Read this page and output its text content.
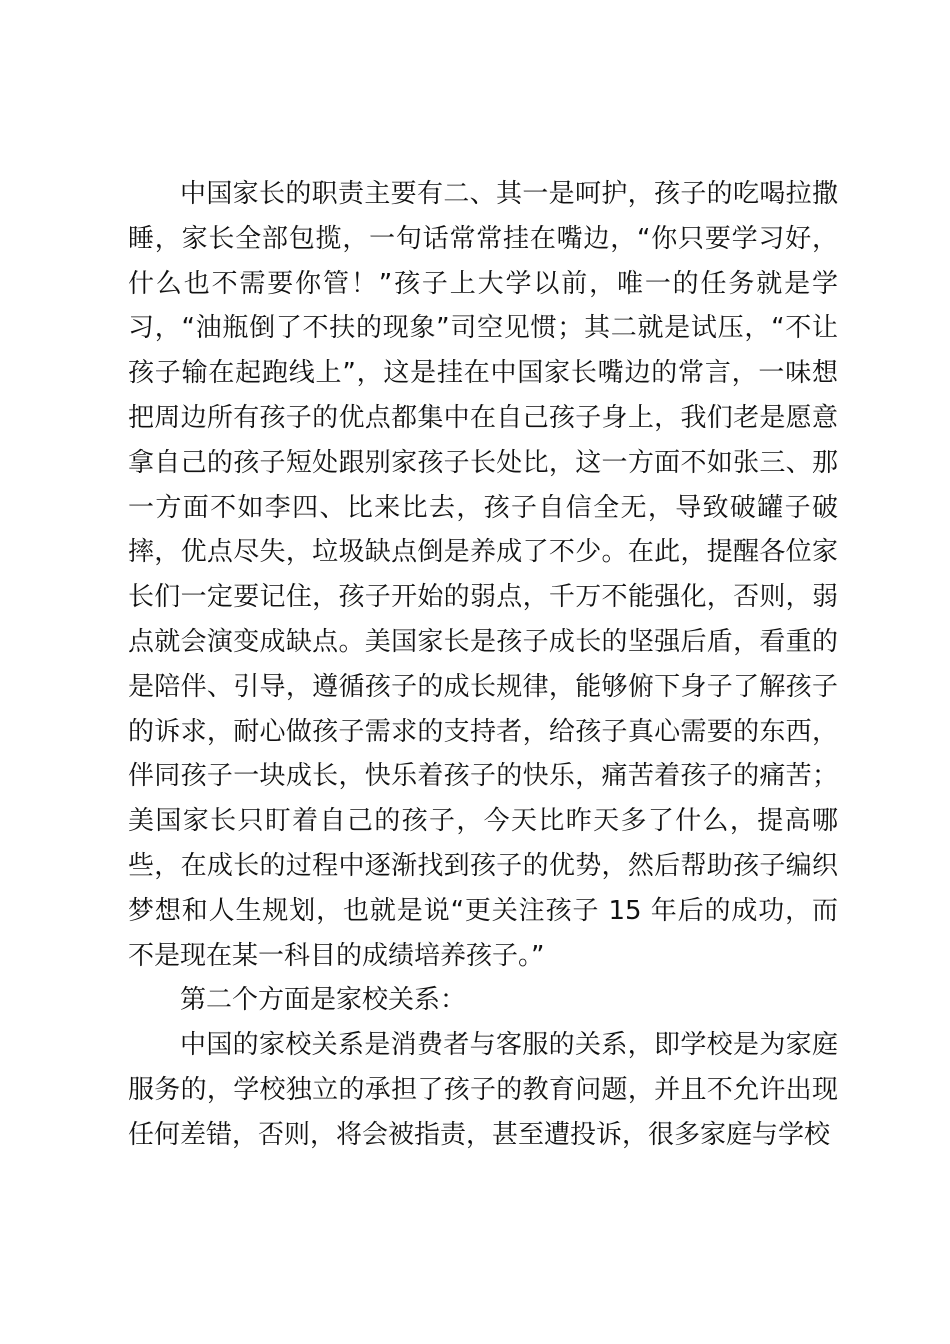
中国家长的职责主要有二、其一是呵护，孩子的吃喝拉撒睡，家长全部包揽，一句话常常挂在嘴边，“你只要学习好，什么也不需要你管！”孩子上大学以前，唯一的任务就是学习，“油瓶倒了不扶的现象”司空见惯；其二就是试压，“不让孩子输在起跑线上”，这是挂在中国家长嘴边的常言，一味想把周边所有孩子的优点都集中在自己孩子身上，我们老是愿意拿自己的孩子短处跟别家孩子长处比，这一方面不如张三、那一方面不如李四、比来比去，孩子自信全无，导致破罐子破摔，优点尽失，垃圾缺点倒是养成了不少。在此，提醒各位家长们一定要记住，孩子开始的弱点，千万不能强化，否则，弱点就会演变成缺点。美国家长是孩子成长的坚强后盾，看重的是陪伴、引导，遵循孩子的成长规律，能够俯下身子了解孩子的诉求，耐心做孩子需求的支持者，给孩子真心需要的东西，伴同孩子一块成长，快乐着孩子的快乐，痛苦着孩子的痛苦；美国家长只盯着自己的孩子，今天比昨天多了什么，提高哪些，在成长的过程中逐渐找到孩子的优势，然后帮助孩子编织梦想和人生规划，也就是说“更关注孩子 15 年后的成功，而不是现在某一科目的成绩培养孩子。”

第二个方面是家校关系：

中国的家校关系是消费者与客服的关系，即学校是为家庭服务的，学校独立的承担了孩子的教育问题，并且不允许出现任何差错，否则，将会被指责，甚至遭投诉，很多家庭与学校
